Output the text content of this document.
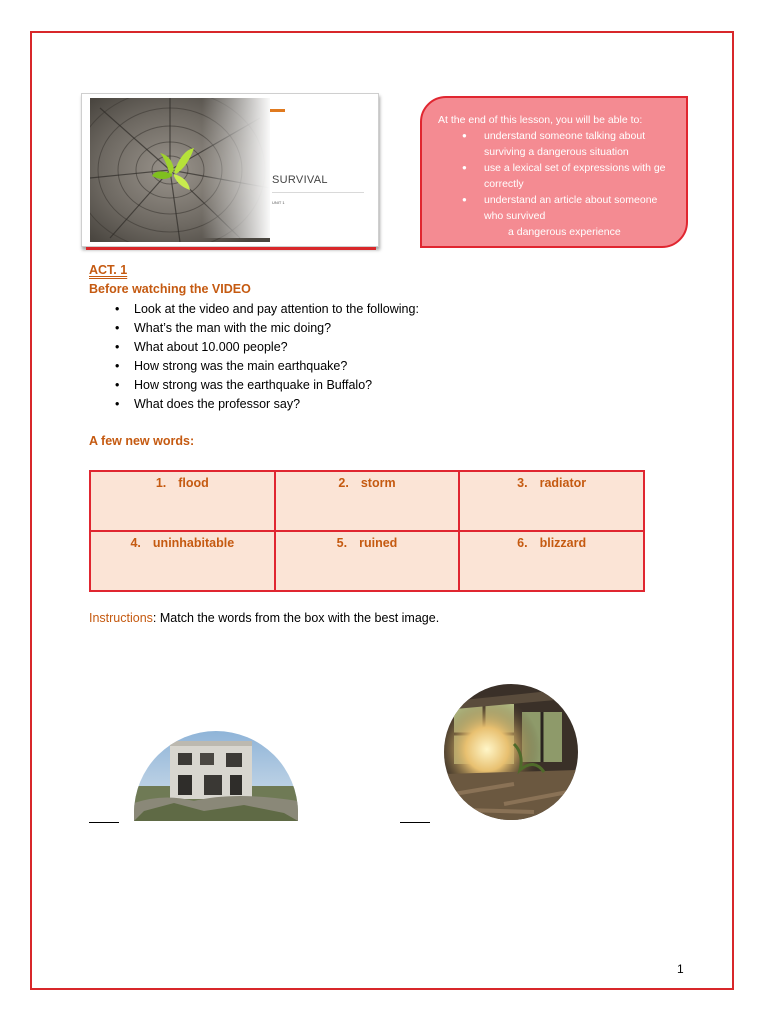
SURVIVAL
UNIT 1
At the end of this lesson, you will be able to:
● understand someone talking about surviving a dangerous situation
● use a lexical set of expressions with ge correctly
● understand an article about someone who survived
a dangerous experience
ACT. 1
Before watching the VIDEO
• Look at the video and pay attention to the following:
• What’s the man with the mic doing?
• What about 10.000 people?
• How strong was the main earthquake?
• How strong was the earthquake in Buffalo?
• What does the professor say?
A few new words:
1. flood	2. storm	3. radiator
4. uninhabitable	5. ruined	6. blizzard
Instructions: Match the words from the box with the best image.
1
